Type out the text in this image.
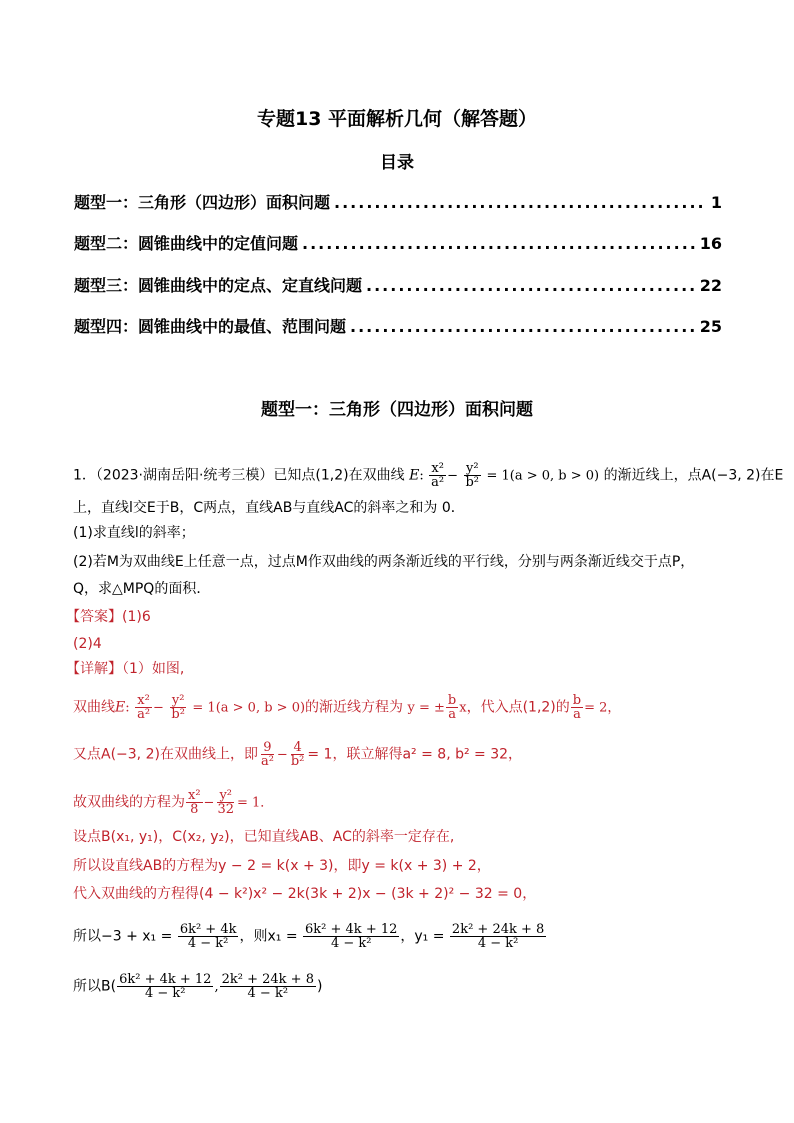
专题13 平面解析几何（解答题）
目录
题型一：三角形（四边形）面积问题 .....	1
题型二：圆锥曲线中的定值问题 .....	16
题型三：圆锥曲线中的定点、定直线问题 .....	22
题型四：圆锥曲线中的最值、范围问题 .....	25
题型一：三角形（四边形）面积问题
1．（2023·湖南岳阳·统考三模）已知点(1,2)在双曲线 E: $\frac{\text{x²}}{\text{a²}} - \frac{\text{y²}}{\text{b²}} = 1(a > 0$, b > 0) 的渐近线上，点A(−3, 2)在E
上，直线l交E于B，C两点，直线AB与直线AC的斜率之和为 0．
(1)求直线l的斜率；
(2)若M为双曲线E上任意一点，过点M作双曲线的两条渐近线的平行线，分别与两条渐近线交于点P，
Q，求△MPQ的面积．
【答案】(1)6
(2)4
【详解】（1）如图,
双曲线E: $\frac{\text{x²}}{\text{a²}} - \frac{\text{y²}}{\text{b²}} = 1(a > 0$, b > 0)的渐近线方程为 y = ± $\frac{b}{a}$ x，代入点(1,2)的 $\frac{b}{a} = 2$，
又点A(−3, 2)在双曲线上，即 $\frac{9}{\text{a²}} - \frac{4}{\text{b²}} = 1$，联立解得a² = 8, b² = 32，
故双曲线的方程为 $\frac{\text{x²}}{8} - \frac{\text{y²}}{32} = 1$．
设点B(x₁, y₁)，C(x₂, y₂)，已知直线AB、AC的斜率一定存在,
所以设直线AB的方程为y − 2 = k(x + 3)，即y = k(x + 3) + 2，
代入双曲线的方程得(4 − k²)x² − 2k(3k + 2)x − (3k + 2)² − 32 = 0，
所以$-3 + x_1 = \frac{\text{6k² + 4k}}{\text{4 − k²}}$ ，则$x_1 = \frac{\text{6k² + 4k + 12}}{\text{4 − k²}}$ ，$y_1 = \frac{\text{2k² + 24k + 8}}{\text{4 − k²}}$
所以$B( \frac{\text{6k² + 4k + 12}}{\text{4 − k²}}$ , $\frac{\text{2k² + 24k + 8}}{\text{4 − k²}}$ )
